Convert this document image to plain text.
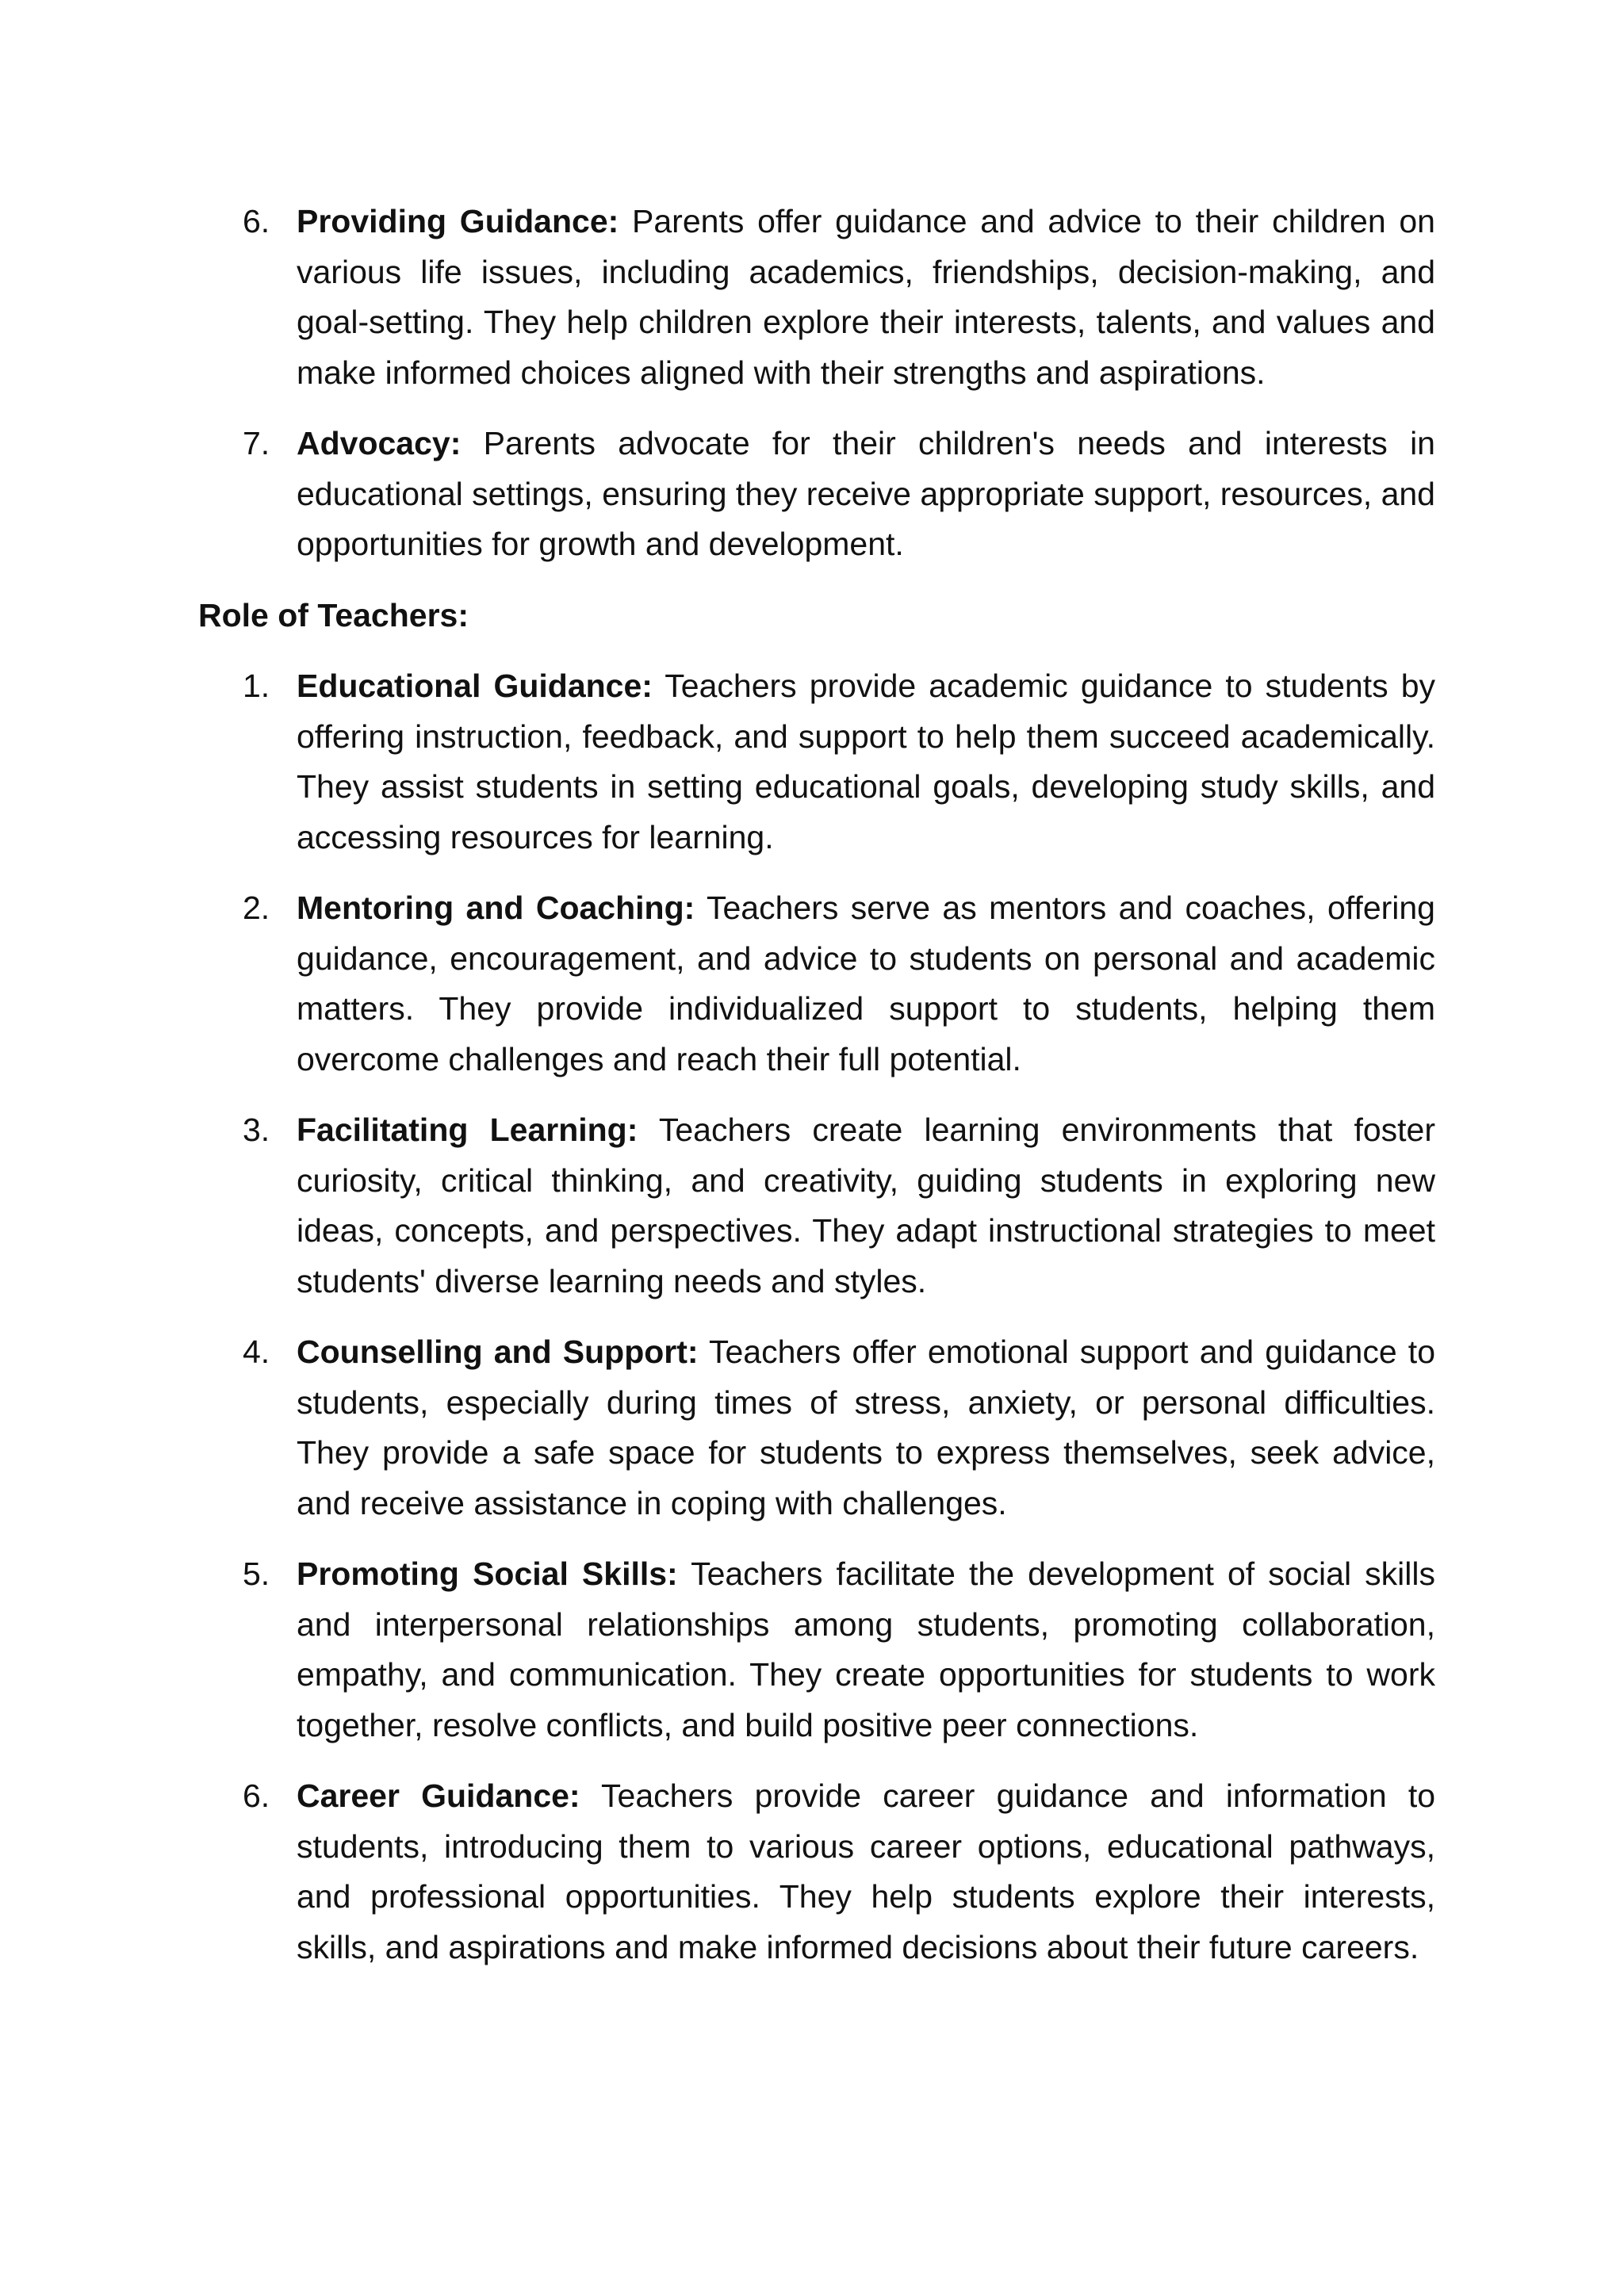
6. Providing Guidance: Parents offer guidance and advice to their children on various life issues, including academics, friendships, decision-making, and goal-setting. They help children explore their interests, talents, and values and make informed choices aligned with their strengths and aspirations.
7. Advocacy: Parents advocate for their children's needs and interests in educational settings, ensuring they receive appropriate support, resources, and opportunities for growth and development.
Role of Teachers:
1. Educational Guidance: Teachers provide academic guidance to students by offering instruction, feedback, and support to help them succeed academically. They assist students in setting educational goals, developing study skills, and accessing resources for learning.
2. Mentoring and Coaching: Teachers serve as mentors and coaches, offering guidance, encouragement, and advice to students on personal and academic matters. They provide individualized support to students, helping them overcome challenges and reach their full potential.
3. Facilitating Learning: Teachers create learning environments that foster curiosity, critical thinking, and creativity, guiding students in exploring new ideas, concepts, and perspectives. They adapt instructional strategies to meet students' diverse learning needs and styles.
4. Counselling and Support: Teachers offer emotional support and guidance to students, especially during times of stress, anxiety, or personal difficulties. They provide a safe space for students to express themselves, seek advice, and receive assistance in coping with challenges.
5. Promoting Social Skills: Teachers facilitate the development of social skills and interpersonal relationships among students, promoting collaboration, empathy, and communication. They create opportunities for students to work together, resolve conflicts, and build positive peer connections.
6. Career Guidance: Teachers provide career guidance and information to students, introducing them to various career options, educational pathways, and professional opportunities. They help students explore their interests, skills, and aspirations and make informed decisions about their future careers.
